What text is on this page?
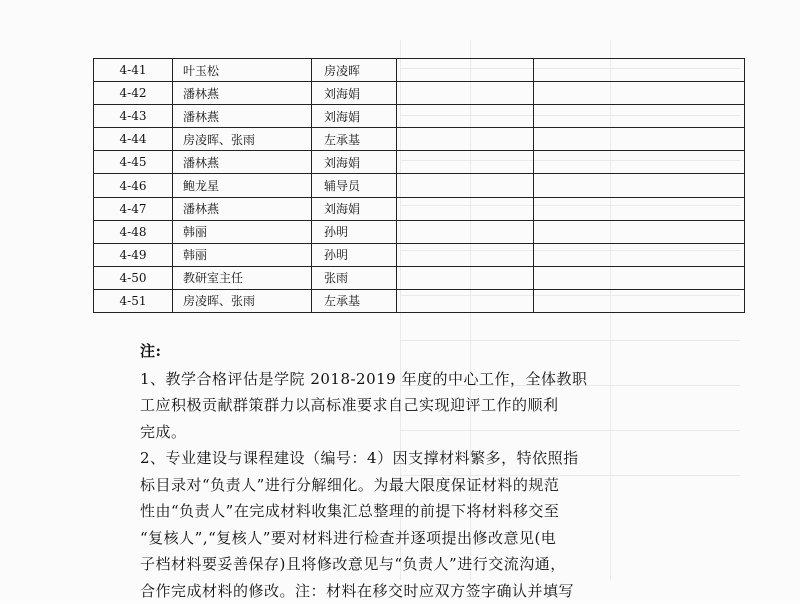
4-41	叶玉松	房凌晖		
4-42	潘林燕	刘海娟		
4-43	潘林燕	刘海娟		
4-44	房凌晖、张雨	左承基		
4-45	潘林燕	刘海娟		
4-46	鲍龙星	辅导员		
4-47	潘林燕	刘海娟		
4-48	韩丽	孙明		
4-49	韩丽	孙明		
4-50	教研室主任	张雨		
4-51	房凌晖、张雨	左承基		

注:

1、教学合格评估是学院 2018-2019 年度的中心工作，全体教职

工应积极贡献群策群力以高标准要求自己实现迎评工作的顺利

完成。

2、专业建设与课程建设（编号：4）因支撑材料繁多，特依照指

标目录对“负责人”进行分解细化。为最大限度保证材料的规范

性由“负责人”在完成材料收集汇总整理的前提下将材料移交至

“复核人”,“复核人”要对材料进行检查并逐项提出修改意见(电

子档材料要妥善保存)且将修改意见与“负责人”进行交流沟通，

合作完成材料的修改。注：材料在移交时应双方签字确认并填写
